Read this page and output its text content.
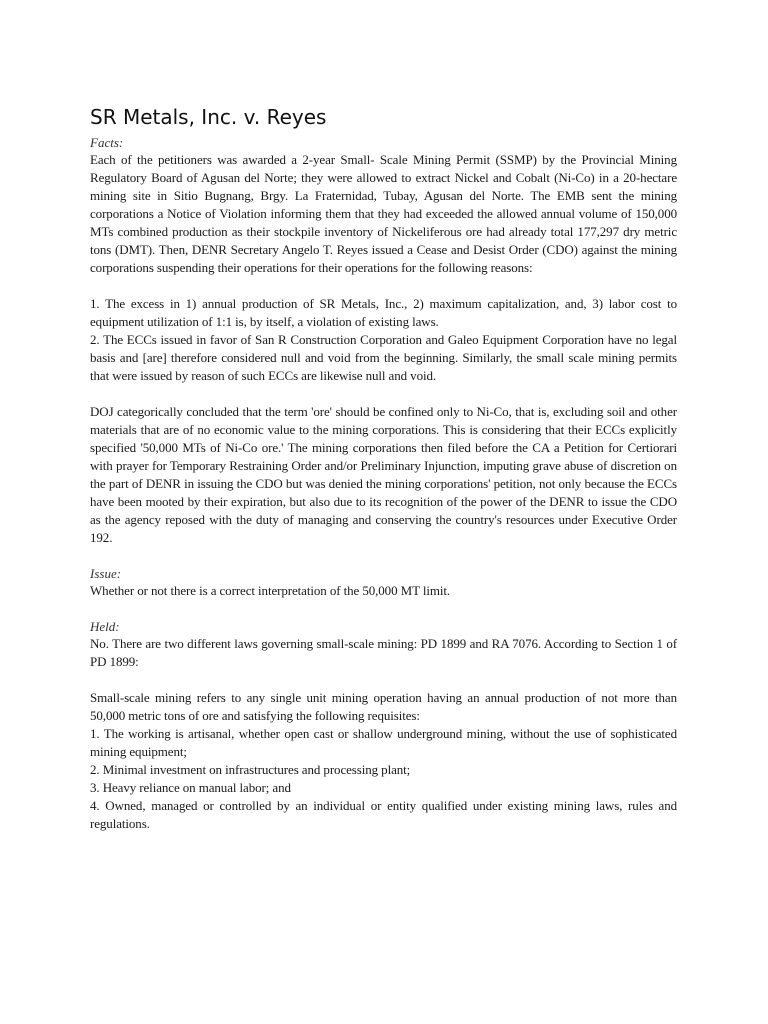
SR Metals, Inc. v. Reyes
Facts:

Each of the petitioners was awarded a 2-year Small- Scale Mining Permit (SSMP) by the Provincial Mining Regulatory Board of Agusan del Norte; they were allowed to extract Nickel and Cobalt (Ni-Co) in a 20-hectare mining site in Sitio Bugnang, Brgy. La Fraternidad, Tubay, Agusan del Norte. The EMB sent the mining corporations a Notice of Violation informing them that they had exceeded the allowed annual volume of 150,000 MTs combined production as their stockpile inventory of Nickeliferous ore had already total 177,297 dry metric tons (DMT). Then, DENR Secretary Angelo T. Reyes issued a Cease and Desist Order (CDO) against the mining corporations suspending their operations for their operations for the following reasons:

1. The excess in 1) annual production of SR Metals, Inc., 2) maximum capitalization, and, 3) labor cost to equipment utilization of 1:1 is, by itself, a violation of existing laws.

2. The ECCs issued in favor of San R Construction Corporation and Galeo Equipment Corporation have no legal basis and [are] therefore considered null and void from the beginning. Similarly, the small scale mining permits that were issued by reason of such ECCs are likewise null and void.

DOJ categorically concluded that the term 'ore' should be confined only to Ni-Co, that is, excluding soil and other materials that are of no economic value to the mining corporations. This is considering that their ECCs explicitly specified '50,000 MTs of Ni-Co ore.' The mining corporations then filed before the CA a Petition for Certiorari with prayer for Temporary Restraining Order and/or Preliminary Injunction, imputing grave abuse of discretion on the part of DENR in issuing the CDO but was denied the mining corporations' petition, not only because the ECCs have been mooted by their expiration, but also due to its recognition of the power of the DENR to issue the CDO as the agency reposed with the duty of managing and conserving the country's resources under Executive Order 192.

Issue:

Whether or not there is a correct interpretation of the 50,000 MT limit.

Held:

No. There are two different laws governing small-scale mining: PD 1899 and RA 7076. According to Section 1 of PD 1899:

Small-scale mining refers to any single unit mining operation having an annual production of not more than 50,000 metric tons of ore and satisfying the following requisites:

1. The working is artisanal, whether open cast or shallow underground mining, without the use of sophisticated mining equipment;

2. Minimal investment on infrastructures and processing plant;

3. Heavy reliance on manual labor; and

4. Owned, managed or controlled by an individual or entity qualified under existing mining laws, rules and regulations.
